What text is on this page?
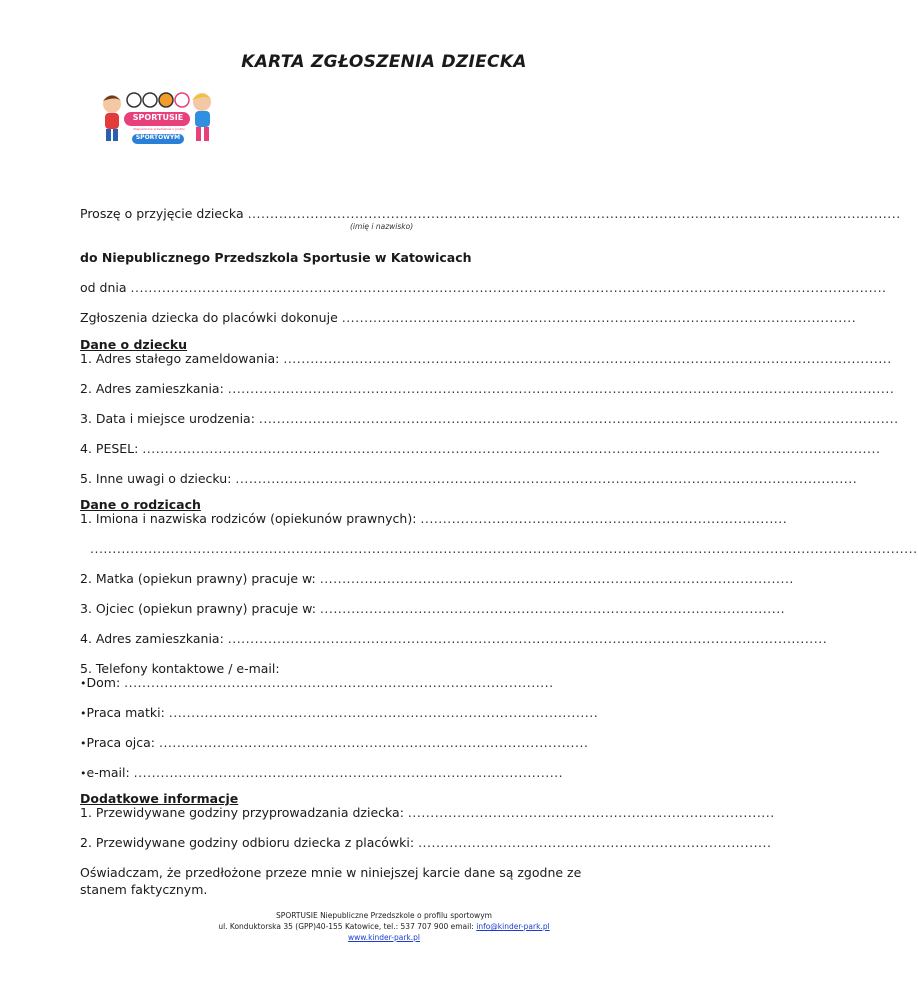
KARTA ZGŁOSZENIA DZIECKA
SPORTUSIE
Niepubliczne przedszkole o profilu
SPORTOWYM
Proszę o przyjęcie dziecka ..................................................................................................................................................
(imię i nazwisko)
do Niepublicznego Przedszkola Sportusie w Katowicach
od dnia .........................................................................................................................................................................
Zgłoszenia dziecka do placówki dokonuje ...................................................................................................................
Dane o dziecku
1. Adres stałego zameldowania: ........................................................................................................................................
2. Adres zamieszkania: .....................................................................................................................................................
3. Data i miejsce urodzenia: ...............................................................................................................................................
4. PESEL: .....................................................................................................................................................................
5. Inne uwagi o dziecku: ...........................................................................................................................................
Dane o rodzicach
1. Imiona i nazwiska rodziców (opiekunów prawnych): ..................................................................................
.........................................................................................................................................................................................
2. Matka (opiekun prawny) pracuje w: ..........................................................................................................
3. Ojciec (opiekun prawny) pracuje w: ........................................................................................................
4. Adres zamieszkania: ......................................................................................................................................
5. Telefony kontaktowe / e-mail:
•Dom: ................................................................................................
•Praca matki: ................................................................................................
•Praca ojca: ................................................................................................
•e-mail: ................................................................................................
Dodatkowe informacje
1. Przewidywane godziny przyprowadzania dziecka: ..................................................................................
2. Przewidywane godziny odbioru dziecka z placówki: ...............................................................................
Oświadczam, że przedłożone przeze mnie w niniejszej karcie dane są zgodne ze stanem faktycznym.
SPORTUSIE Niepubliczne Przedszkole o profilu sportowym
ul. Konduktorska 35 (GPP)40-155 Katowice, tel.: 537 707 900 email: info@kinder-park.pl
www.kinder-park.pl
